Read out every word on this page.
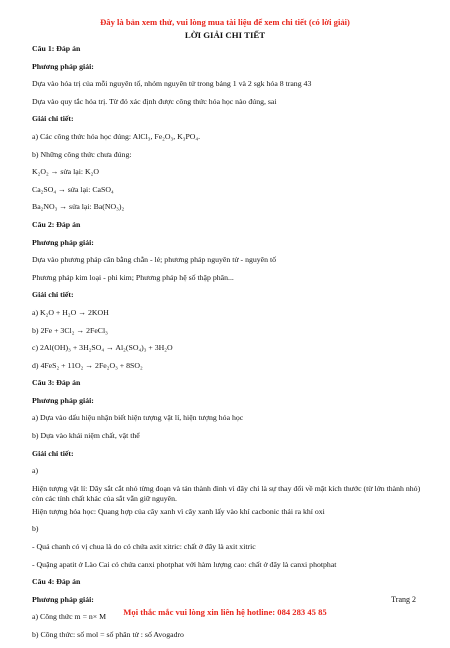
Đây là bản xem thử, vui lòng mua tài liệu để xem chi tiết (có lời giải)
LỜI GIẢI CHI TIẾT
Câu 1: Đáp án
Phương pháp giải:
Dựa vào hóa trị của mỗi nguyên tố, nhóm nguyên tử trong bảng 1 và 2 sgk hóa 8 trang 43
Dựa vào quy tắc hóa trị. Từ đó xác định được công thức hóa học nào đúng, sai
Giải chi tiết:
a) Các công thức hóa học đúng: AlCl₃, Fe₂O₃, K₃PO₄.
b) Những công thức chưa đúng:
K₂O₂ → sửa lại: K₂O
Ca₂SO₄ → sửa lại: CaSO₄
Ba₂NO₃ → sửa lại: Ba(NO₃)₂
Câu 2: Đáp án
Phương pháp giải:
Dựa vào phương pháp cân bằng chẵn - lẻ; phương pháp nguyên tử - nguyên tố
Phương pháp kim loại - phi kim; Phương pháp hệ số thập phân...
Giải chi tiết:
a) K₂O + H₂O → 2KOH
b) 2Fe + 3Cl₂ → 2FeCl₃
c) 2Al(OH)₃ + 3H₂SO₄ → Al₂(SO₄)₃ + 3H₂O
d) 4FeS₂ + 11O₂ → 2Fe₂O₃ + 8SO₂
Câu 3: Đáp án
Phương pháp giải:
a) Dựa vào dấu hiệu nhận biết hiện tượng vật lí, hiện tượng hóa học
b) Dựa vào khái niệm chất, vật thể
Giải chi tiết:
a)
Hiện tượng vật lí: Dây sắt cắt nhỏ từng đoạn và tán thành đinh vì đây chỉ là sự thay đổi về mặt kích thước (từ lớn thành nhỏ) còn các tính chất khác của sắt vẫn giữ nguyên.
Hiện tượng hóa học: Quang hợp của cây xanh vì cây xanh lấy vào khí cacbonic thải ra khí oxi
b)
- Quả chanh có vị chua là do có chứa axit xitric: chất ở đây là axit xitric
- Quặng apatit ở Lào Cai có chứa canxi photphat với hàm lượng cao: chất ở đây là canxi photphat
Câu 4: Đáp án
Phương pháp giải:
a) Công thức m = n× M
b) Công thức: số mol = số phân tử : số Avogadro
Trang 2
Mọi thắc mắc vui lòng xin liên hệ hotline: 084 283 45 85
